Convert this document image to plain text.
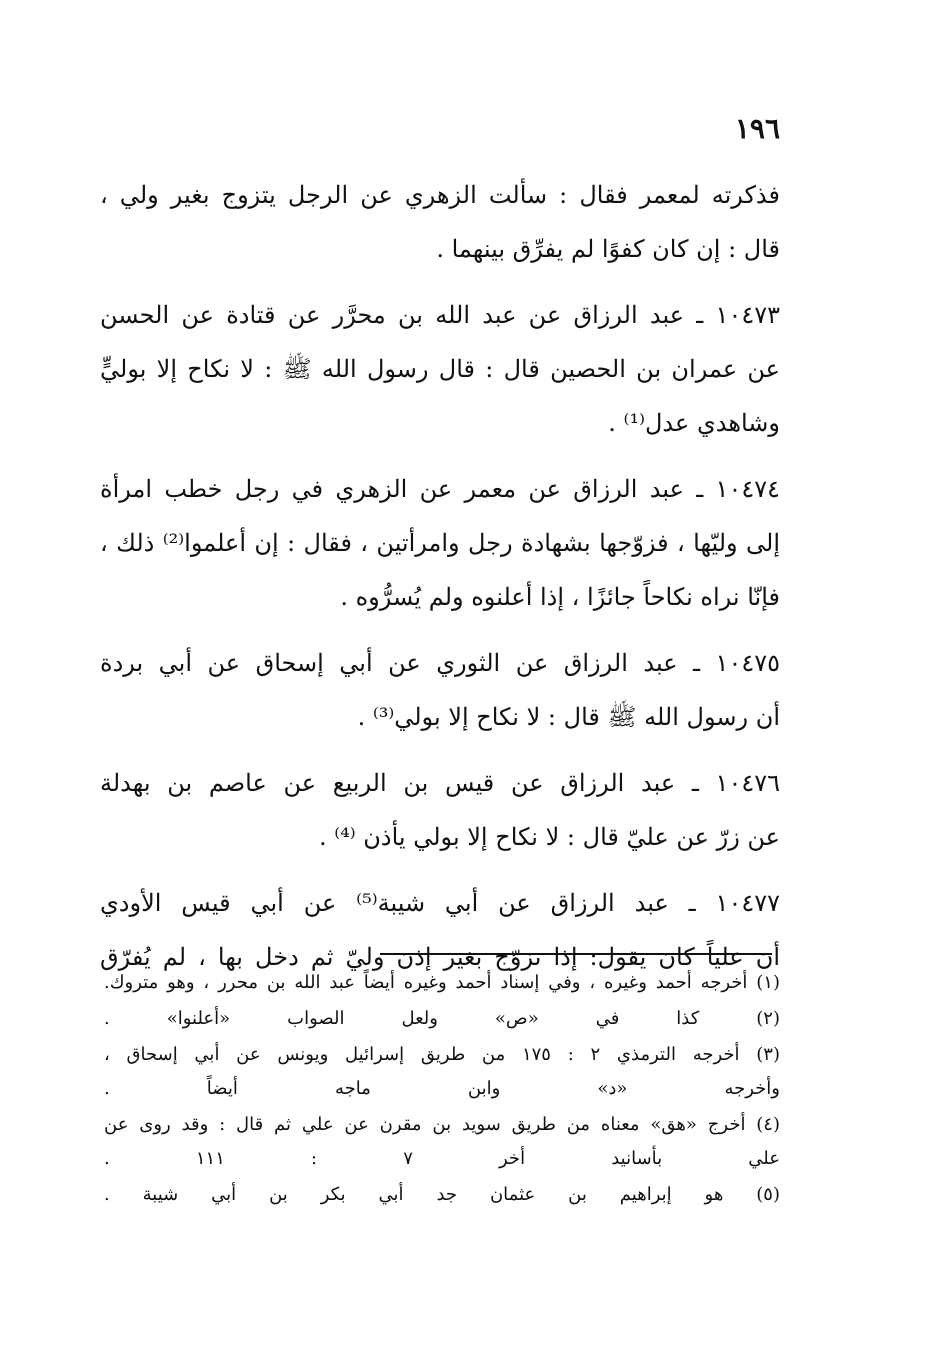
١٩٦

فذكرته لمعمر فقال : سألت الزهري عن الرجل يتزوج بغير ولي ،
قال : إن كان كفوًا لم يفرِّق بينهما .

١٠٤٧٣ ـ عبد الرزاق عن عبد الله بن محرَّر عن قتادة عن الحسن
عن عمران بن الحصين قال : قال رسول الله ﷺ : لا نكاح إلا بوليٍّ
وشاهدي عدل⁽¹⁾ .

١٠٤٧٤ ـ عبد الرزاق عن معمر عن الزهري في رجل خطب امرأة
إلى وليّها ، فزوّجها بشهادة رجل وامرأتين ، فقال : إن أعلموا⁽²⁾ ذلك ،
فإنّا نراه نكاحاً جائزًا ، إذا أعلنوه ولم يُسرُّوه .

١٠٤٧٥ ـ عبد الرزاق عن الثوري عن أبي إسحاق عن أبي بردة
أن رسول الله ﷺ قال : لا نكاح إلا بولي⁽³⁾ .

١٠٤٧٦ ـ عبد الرزاق عن قيس بن الربيع عن عاصم بن بهدلة
عن زرّ عن عليّ قال : لا نكاح إلا بولي يأذن ⁽⁴⁾ .

١٠٤٧٧ ـ عبد الرزاق عن أبي شيبة⁽⁵⁾ عن أبي قيس الأودي
أن علياً كان يقول: إذا تزوّج بغير إذن وليّ ثم دخل بها ، لم يُفرّق

(١) أخرجه أحمد وغيره ، وفي إسناد أحمد وغيره أيضاً عبد الله بن محرر ، وهو متروك.

(٢) كذا في «ص» ولعل الصواب «أعلنوا» .

(٣) أخرجه الترمذي ٢ : ١٧٥ من طريق إسرائيل ويونس عن أبي إسحاق ،
وأخرجه «د» وابن ماجه أيضاً .

(٤) أخرج «هق» معناه من طريق سويد بن مقرن عن علي ثم قال : وقد روى عن
علي بأسانيد أخر ٧ : ١١١ .

(٥) هو إبراهيم بن عثمان جد أبي بكر بن أبي شيبة .
